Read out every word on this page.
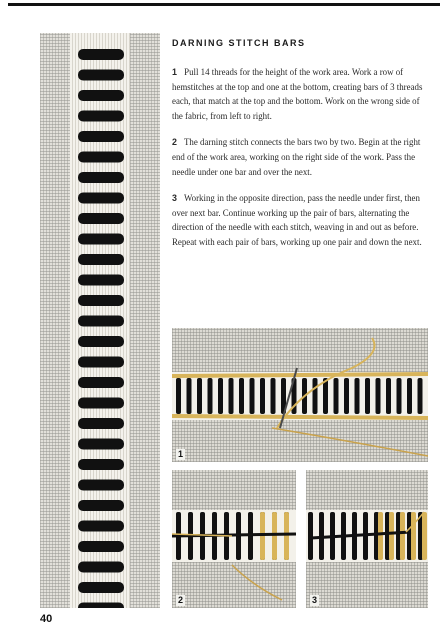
DARNING STITCH BARS

1 Pull 14 threads for the height of the work area. Work a row of hemstitches at the top and one at the bottom, creating bars of 3 threads each, that match at the top and the bottom. Work on the wrong side of the fabric, from left to right.

2 The darning stitch connects the bars two by two. Begin at the right end of the work area, working on the right side of the work. Pass the needle under one bar and over the next.

3 Working in the opposite direction, pass the needle under first, then over next bar. Continue working up the pair of bars, alternating the direction of the needle with each stitch, weaving in and out as before. Repeat with each pair of bars, working up one pair and down the next.

1
2	3
40
